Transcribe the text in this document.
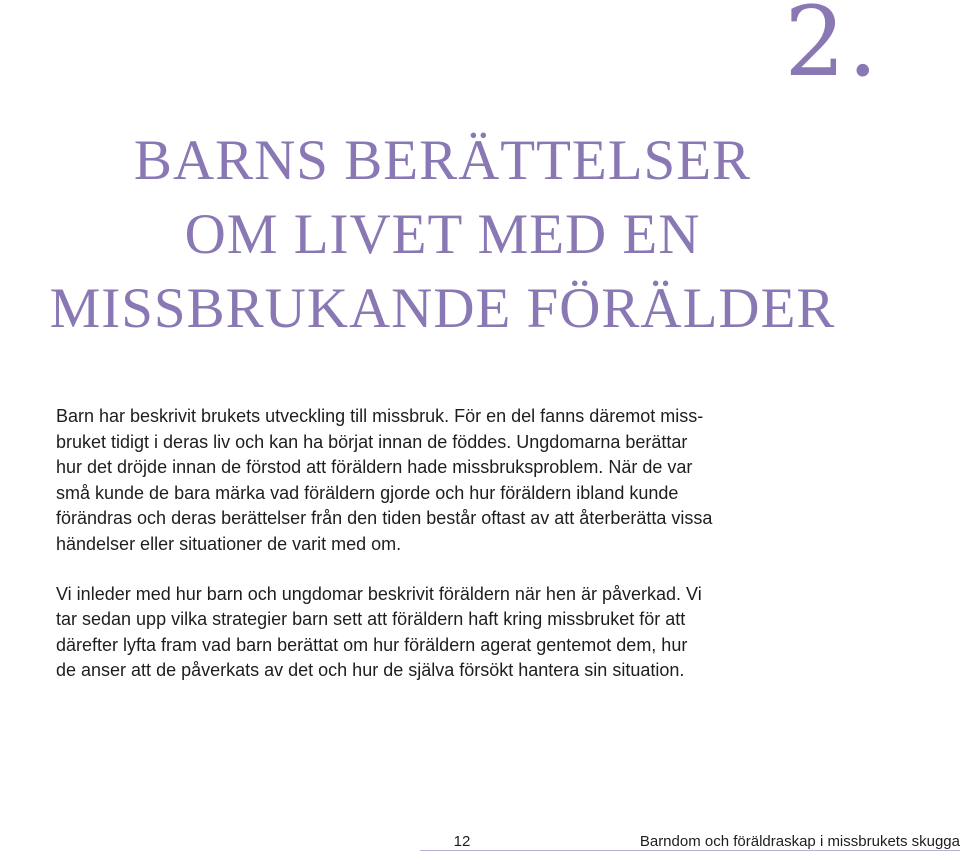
2.
BARNS BERÄTTELSER
OM LIVET MED EN
MISSBRUKANDE FÖRÄLDER

Barn har beskrivit brukets utveckling till missbruk. För en del fanns däremot miss-
bruket tidigt i deras liv och kan ha börjat innan de föddes. Ungdomarna berättar
hur det dröjde innan de förstod att föräldern hade missbruksproblem. När de var
små kunde de bara märka vad föräldern gjorde och hur föräldern ibland kunde
förändras och deras berättelser från den tiden består oftast av att återberätta vissa
händelser eller situationer de varit med om.

Vi inleder med hur barn och ungdomar beskrivit föräldern när hen är påverkad. Vi
tar sedan upp vilka strategier barn sett att föräldern haft kring missbruket för att
därefter lyfta fram vad barn berättat om hur föräldern agerat gentemot dem, hur
de anser att de påverkats av det och hur de själva försökt hantera sin situation.

12	Barndom och föräldraskap i missbrukets skugga
